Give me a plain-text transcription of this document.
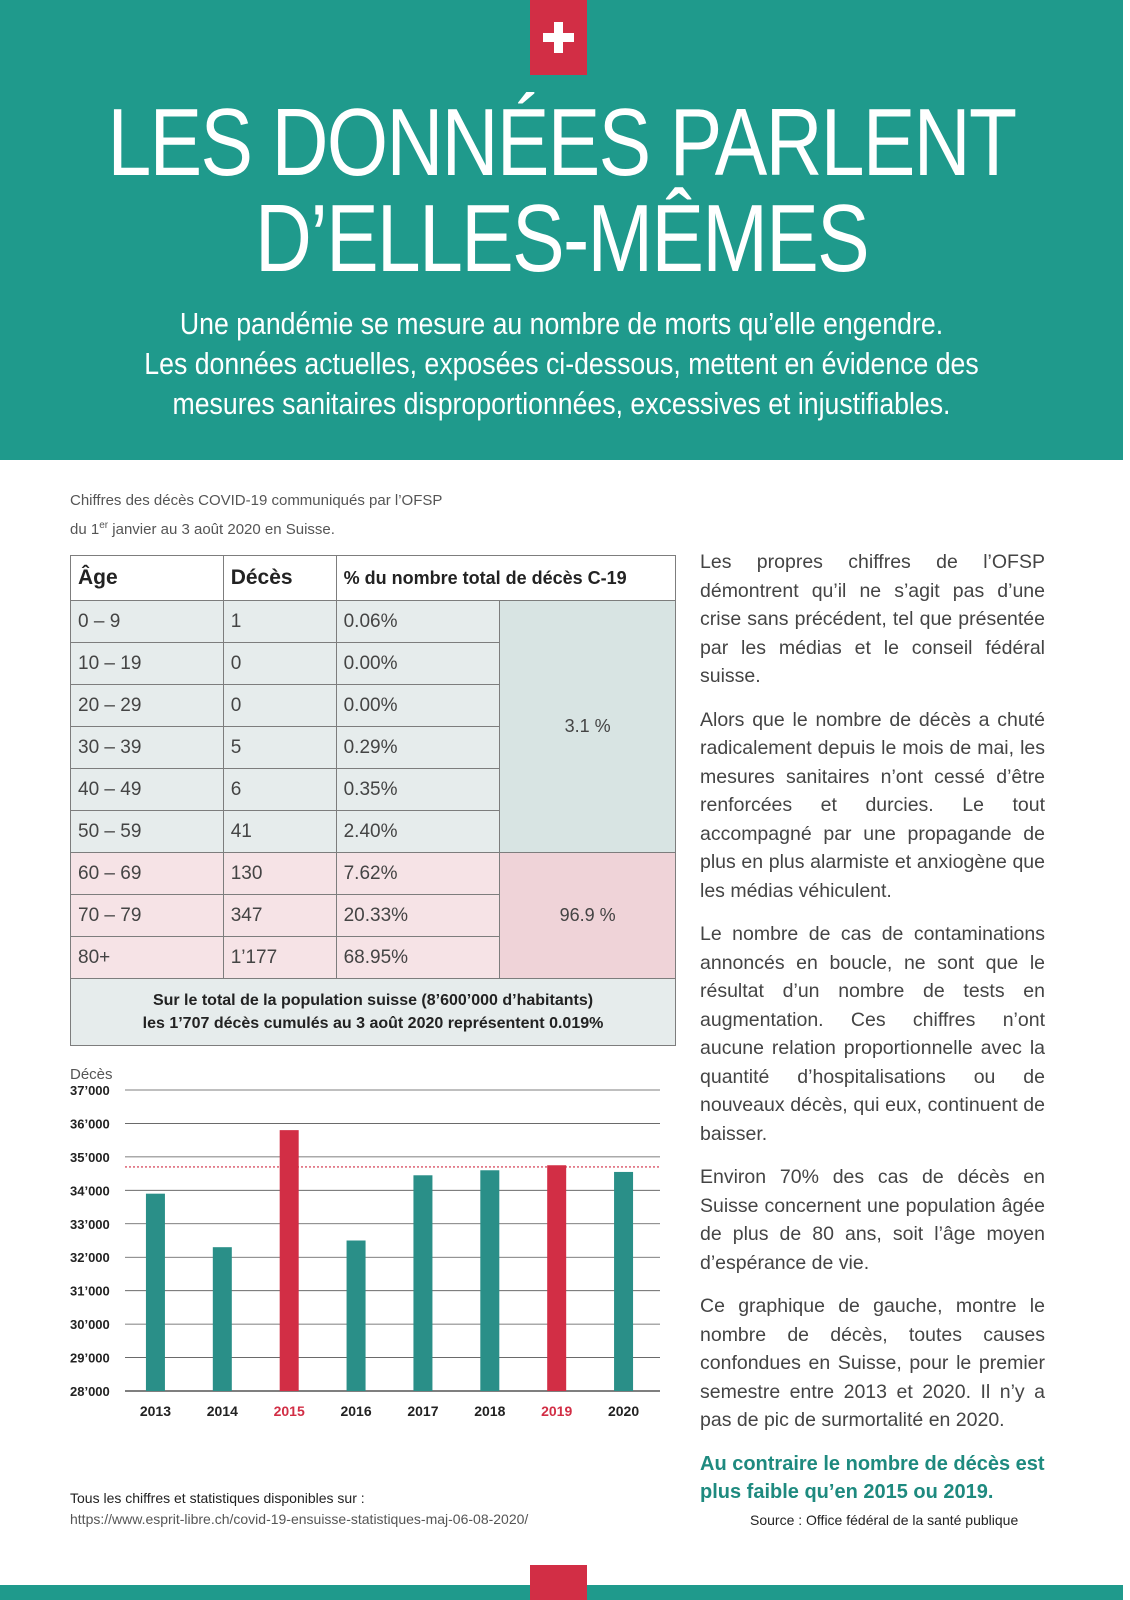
LES DONNÉES PARLENT
D’ELLES-MÊMES

Une pandémie se mesure au nombre de morts qu’elle engendre.
Les données actuelles, exposées ci-dessous, mettent en évidence des
mesures sanitaires disproportionnées, excessives et injustifiables.

Chiffres des décès COVID-19 communiqués par l’OFSP
du 1er janvier au 3 août 2020 en Suisse.
Âge	Décès	% du nombre total de décès C-19	
0 – 9	1	0.06%	3.1 %
10 – 19	0	0.00%	
20 – 29	0	0.00%	
30 – 39	5	0.29%	
40 – 49	6	0.35%	
50 – 59	41	2.40%	
60 – 69	130	7.62%	96.9 %
70 – 79	347	20.33%	
80+	1’177	68.95%	
Sur le total de la population suisse (8’600’000 d’habitants)
les 1’707 décès cumulés au 3 août 2020 représentent 0.019%			
Décès
28’000
29’000
30’000
31’000
32’000
33’000
34’000
35’000
36’000
37’000
2013	2014	2015	2016	2017	2018	2019	2020

Les propres chiffres de l’OFSP démontrent qu’il ne s’agit pas d’une crise sans précédent, tel que présentée par les médias et le conseil fédéral suisse.

Alors que le nombre de décès a chuté radicalement depuis le mois de mai, les mesures sanitaires n’ont cessé d’être renforcées et durcies. Le tout accompagné par une propagande de plus en plus alarmiste et anxiogène que les médias véhiculent.

Le nombre de cas de contaminations annoncés en boucle, ne sont que le résultat d’un nombre de tests en augmentation. Ces chiffres n’ont aucune relation proportionnelle avec la quantité d’hospitalisations ou de nouveaux décès, qui eux, continuent de baisser.

Environ 70% des cas de décès en Suisse concernent une population âgée de plus de 80 ans, soit l’âge moyen d’espérance de vie.

Ce graphique de gauche, montre le nombre de décès, toutes causes confondues en Suisse, pour le premier semestre entre 2013 et 2020. Il n’y a pas de pic de surmortalité en 2020.

Au contraire le nombre de décès est plus faible qu’en 2015 ou 2019.

Tous les chiffres et statistiques disponibles sur :
https://www.esprit-libre.ch/covid-19-ensuisse-statistiques-maj-06-08-2020/	Source : Office fédéral de la santé publique
